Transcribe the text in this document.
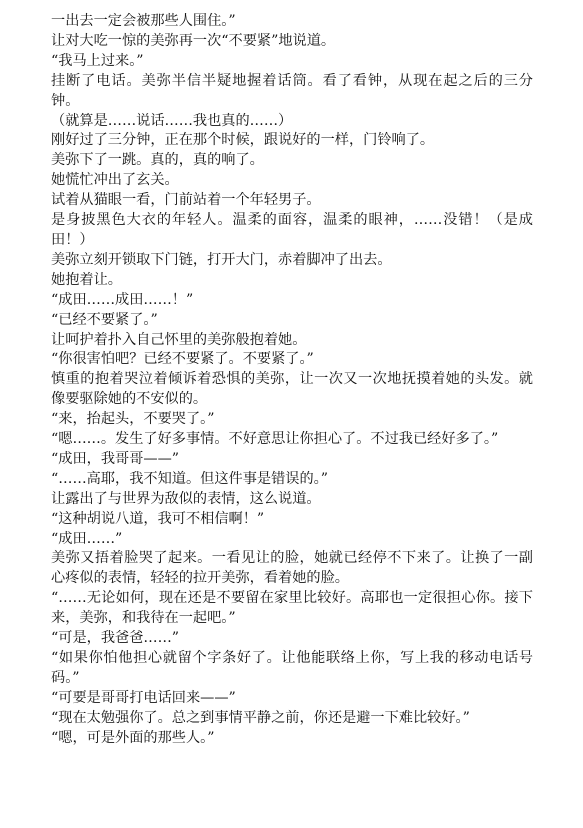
一出去一定会被那些人围住。”

让对大吃一惊的美弥再一次“不要紧”地说道。

“我马上过来。”

挂断了电话。美弥半信半疑地握着话筒。看了看钟，从现在起之后的三分钟。

（就算是……说话……我也真的……）

刚好过了三分钟，正在那个时候，跟说好的一样，门铃响了。

美弥下了一跳。真的，真的响了。

她慌忙冲出了玄关。

试着从猫眼一看，门前站着一个年轻男子。

是身披黑色大衣的年轻人。温柔的面容，温柔的眼神，……没错！（是成田！）

美弥立刻开锁取下门链，打开大门，赤着脚冲了出去。

她抱着让。

“成田……成田……！”

“已经不要紧了。”

让呵护着扑入自己怀里的美弥般抱着她。

“你很害怕吧？已经不要紧了。不要紧了。”

慎重的抱着哭泣着倾诉着恐惧的美弥，让一次又一次地抚摸着她的头发。就像要驱除她的不安似的。

“来，抬起头，不要哭了。”

“嗯……。发生了好多事情。不好意思让你担心了。不过我已经好多了。”

“成田，我哥哥——”

“……高耶，我不知道。但这件事是错误的。”

让露出了与世界为敌似的表情，这么说道。

“这种胡说八道，我可不相信啊！”

“成田……”

美弥又捂着脸哭了起来。一看见让的脸，她就已经停不下来了。让换了一副心疼似的表情，轻轻的拉开美弥，看着她的脸。

“……无论如何，现在还是不要留在家里比较好。高耶也一定很担心你。接下来，美弥，和我待在一起吧。”

“可是，我爸爸……”

“如果你怕他担心就留个字条好了。让他能联络上你，写上我的移动电话号码。”

“可要是哥哥打电话回来——”

“现在太勉强你了。总之到事情平静之前，你还是避一下难比较好。”

“嗯，可是外面的那些人。”
